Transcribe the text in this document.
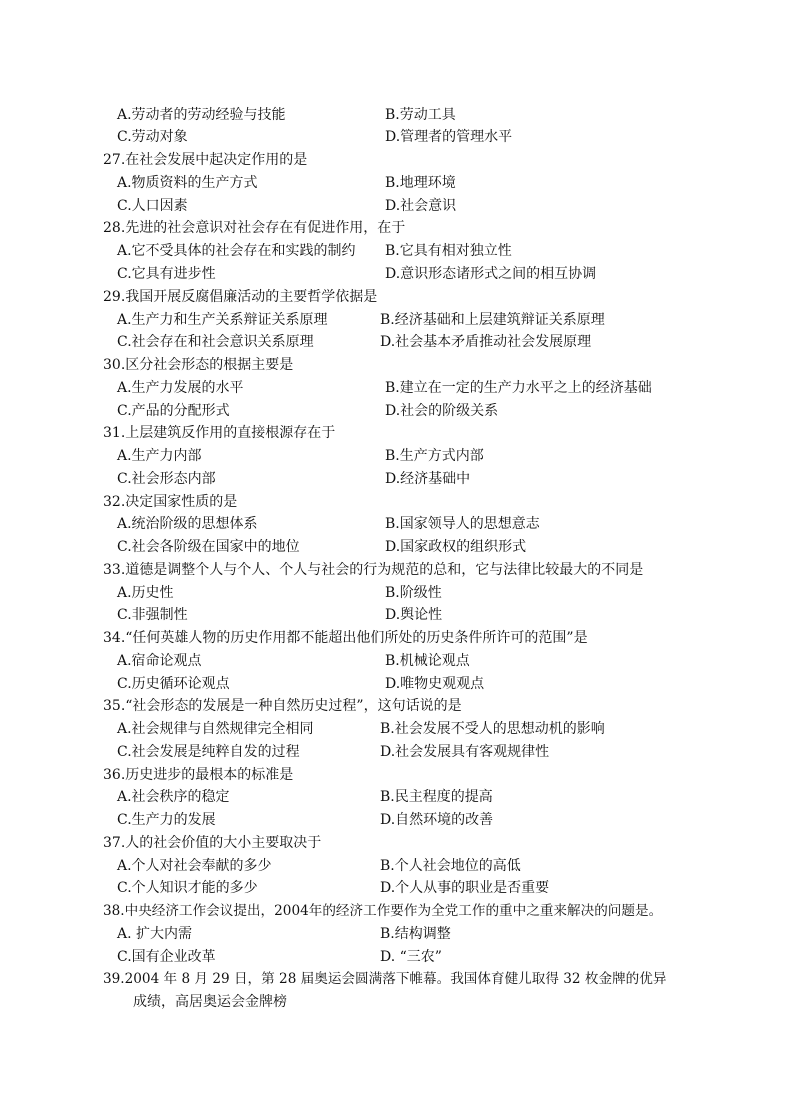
A.劳动者的劳动经验与技能	B.劳动工具
C.劳动对象	D.管理者的管理水平
27.在社会发展中起决定作用的是
A.物质资料的生产方式	B.地理环境
C.人口因素	D.社会意识
28.先进的社会意识对社会存在有促进作用，在于
A.它不受具体的社会存在和实践的制约 B.它具有相对独立性
C.它具有进步性	D.意识形态诸形式之间的相互协调
29.我国开展反腐倡廉活动的主要哲学依据是
A.生产力和生产关系辩证关系原理	B.经济基础和上层建筑辩证关系原理
C.社会存在和社会意识关系原理	D.社会基本矛盾推动社会发展原理
30.区分社会形态的根据主要是
A.生产力发展的水平	B.建立在一定的生产力水平之上的经济基础
C.产品的分配形式	D.社会的阶级关系
31.上层建筑反作用的直接根源存在于
A.生产力内部	B.生产方式内部
C.社会形态内部	D.经济基础中
32.决定国家性质的是
A.统治阶级的思想体系	B.国家领导人的思想意志
C.社会各阶级在国家中的地位	D.国家政权的组织形式
33.道德是调整个人与个人、个人与社会的行为规范的总和，它与法律比较最大的不同是
A.历史性	B.阶级性
C.非强制性	D.舆论性
34.“任何英雄人物的历史作用都不能超出他们所处的历史条件所许可的范围”是
A.宿命论观点	B.机械论观点
C.历史循环论观点	D.唯物史观观点
35.“社会形态的发展是一种自然历史过程”，这句话说的是
A.社会规律与自然规律完全相同	B.社会发展不受人的思想动机的影响
C.社会发展是纯粹自发的过程	D.社会发展具有客观规律性
36.历史进步的最根本的标准是
A.社会秩序的稳定	B.民主程度的提高
C.生产力的发展	D.自然环境的改善
37.人的社会价值的大小主要取决于
A.个人对社会奉献的多少	B.个人社会地位的高低
C.个人知识才能的多少	D.个人从事的职业是否重要
38.中央经济工作会议提出，2004年的经济工作要作为全党工作的重中之重来解决的问题是。
A. 扩大内需	B.结构调整
C.国有企业改革	D. “三农”
39.2004 年 8 月 29 日，第 28 届奥运会圆满落下帷幕。我国体育健儿取得 32 枚金牌的优异
成绩，高居奥运会金牌榜
